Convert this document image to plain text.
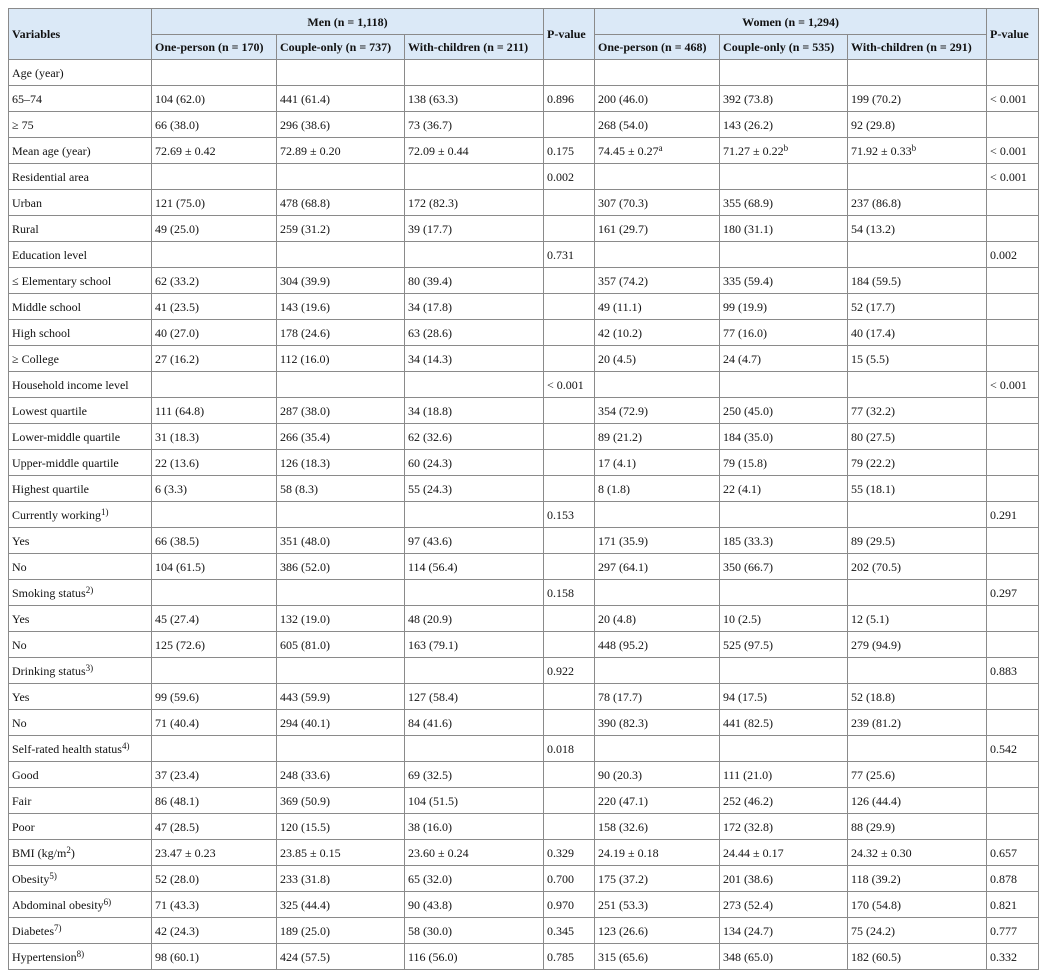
Variables	Men (n = 1,118)			P-value	Women (n = 1,294)			P-value
	One-person (n = 170)	Couple-only (n = 737)	With-children (n = 211)		One-person (n = 468)	Couple-only (n = 535)	With-children (n = 291)	
Age (year)								
65–74	104 (62.0)	441 (61.4)	138 (63.3)	0.896	200 (46.0)	392 (73.8)	199 (70.2)	< 0.001
≥ 75	66 (38.0)	296 (38.6)	73 (36.7)		268 (54.0)	143 (26.2)	92 (29.8)	
Mean age (year)	72.69 ± 0.42	72.89 ± 0.20	72.09 ± 0.44	0.175	74.45 ± 0.27$^a$	71.27 ± 0.22$^b$	71.92 ± 0.33$^b$	< 0.001
Residential area				0.002				< 0.001
Urban	121 (75.0)	478 (68.8)	172 (82.3)		307 (70.3)	355 (68.9)	237 (86.8)	
Rural	49 (25.0)	259 (31.2)	39 (17.7)		161 (29.7)	180 (31.1)	54 (13.2)	
Education level				0.731				0.002
≤ Elementary school	62 (33.2)	304 (39.9)	80 (39.4)		357 (74.2)	335 (59.4)	184 (59.5)	
Middle school	41 (23.5)	143 (19.6)	34 (17.8)		49 (11.1)	99 (19.9)	52 (17.7)	
High school	40 (27.0)	178 (24.6)	63 (28.6)		42 (10.2)	77 (16.0)	40 (17.4)	
≥ College	27 (16.2)	112 (16.0)	34 (14.3)		20 (4.5)	24 (4.7)	15 (5.5)	
Household income level				< 0.001				< 0.001
Lowest quartile	111 (64.8)	287 (38.0)	34 (18.8)		354 (72.9)	250 (45.0)	77 (32.2)	
Lower-middle quartile	31 (18.3)	266 (35.4)	62 (32.6)		89 (21.2)	184 (35.0)	80 (27.5)	
Upper-middle quartile	22 (13.6)	126 (18.3)	60 (24.3)		17 (4.1)	79 (15.8)	79 (22.2)	
Highest quartile	6 (3.3)	58 (8.3)	55 (24.3)		8 (1.8)	22 (4.1)	55 (18.1)	
Currently working$^{1)}$				0.153				0.291
Yes	66 (38.5)	351 (48.0)	97 (43.6)		171 (35.9)	185 (33.3)	89 (29.5)	
No	104 (61.5)	386 (52.0)	114 (56.4)		297 (64.1)	350 (66.7)	202 (70.5)	
Smoking status$^{2)}$				0.158				0.297
Yes	45 (27.4)	132 (19.0)	48 (20.9)		20 (4.8)	10 (2.5)	12 (5.1)	
No	125 (72.6)	605 (81.0)	163 (79.1)		448 (95.2)	525 (97.5)	279 (94.9)	
Drinking status$^{3)}$				0.922				0.883
Yes	99 (59.6)	443 (59.9)	127 (58.4)		78 (17.7)	94 (17.5)	52 (18.8)	
No	71 (40.4)	294 (40.1)	84 (41.6)		390 (82.3)	441 (82.5)	239 (81.2)	
Self-rated health status$^{4)}$				0.018				0.542
Good	37 (23.4)	248 (33.6)	69 (32.5)		90 (20.3)	111 (21.0)	77 (25.6)	
Fair	86 (48.1)	369 (50.9)	104 (51.5)		220 (47.1)	252 (46.2)	126 (44.4)	
Poor	47 (28.5)	120 (15.5)	38 (16.0)		158 (32.6)	172 (32.8)	88 (29.9)	
BMI $(kg/m^2)$	23.47 ± 0.23	23.85 ± 0.15	23.60 ± 0.24	0.329	24.19 ± 0.18	24.44 ± 0.17	24.32 ± 0.30	0.657
Obesity$^{5)}$	52 (28.0)	233 (31.8)	65 (32.0)	0.700	175 (37.2)	201 (38.6)	118 (39.2)	0.878
Abdominal obesity$^{6)}$	71 (43.3)	325 (44.4)	90 (43.8)	0.970	251 (53.3)	273 (52.4)	170 (54.8)	0.821
Diabetes$^{7)}$	42 (24.3)	189 (25.0)	58 (30.0)	0.345	123 (26.6)	134 (24.7)	75 (24.2)	0.777
Hypertension$^{8)}$	98 (60.1)	424 (57.5)	116 (56.0)	0.785	315 (65.6)	348 (65.0)	182 (60.5)	0.332
